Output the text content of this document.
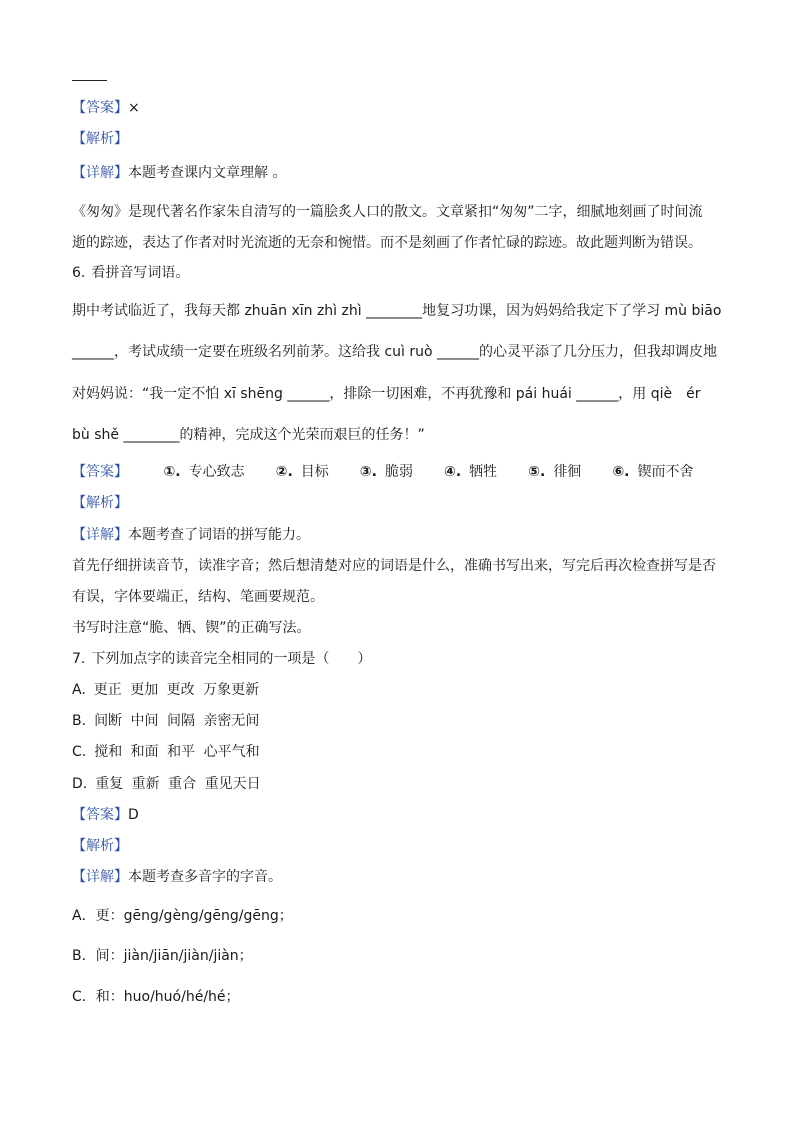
【答案】×
【解析】
【详解】本题考查课内文章理解 。
《匆匆》是现代著名作家朱自清写的一篇脍炙人口的散文。文章紧扣“匆匆”二字，细腻地刻画了时间流
逝的踪迹，表达了作者对时光流逝的无奈和惋惜。而不是刻画了作者忙碌的踪迹。故此题判断为错误。
6. 看拼音写词语。
期中考试临近了，我每天都 zhuān xīn zhì zhì ________地复习功课，因为妈妈给我定下了学习 mù biāo
______，考试成绩一定要在班级名列前茅。这给我 cuì ruò ______的心灵平添了几分压力，但我却调皮地
对妈妈说：“我一定不怕 xī shēng ______，排除一切困难，不再犹豫和 pái huái ______，用 qiè　ér
bù shě ________的精神，完成这个光荣而艰巨的任务！”
【答案】	①. 专心致志 ②. 目标 ③. 脆弱 ④. 牺牲 ⑤. 徘徊 ⑥. 锲而不舍
【解析】
【详解】本题考查了词语的拼写能力。
首先仔细拼读音节，读准字音；然后想清楚对应的词语是什么，准确书写出来，写完后再次检查拼写是否
有误，字体要端正，结构、笔画要规范。
书写时注意“脆、牺、锲”的正确写法。
7. 下列加点字的读音完全相同的一项是（　　）
A. 更正 更加 更改 万象更新
B. 间断 中间 间隔 亲密无间
C. 搅和 和面 和平 心平气和
D. 重复 重新 重合 重见天日
【答案】D
【解析】
【详解】本题考查多音字的字音。
A．更：gēng/gèng/gēng/gēng；
B．间：jiàn/jiān/jiàn/jiàn；
C．和：huo/huó/hé/hé；
